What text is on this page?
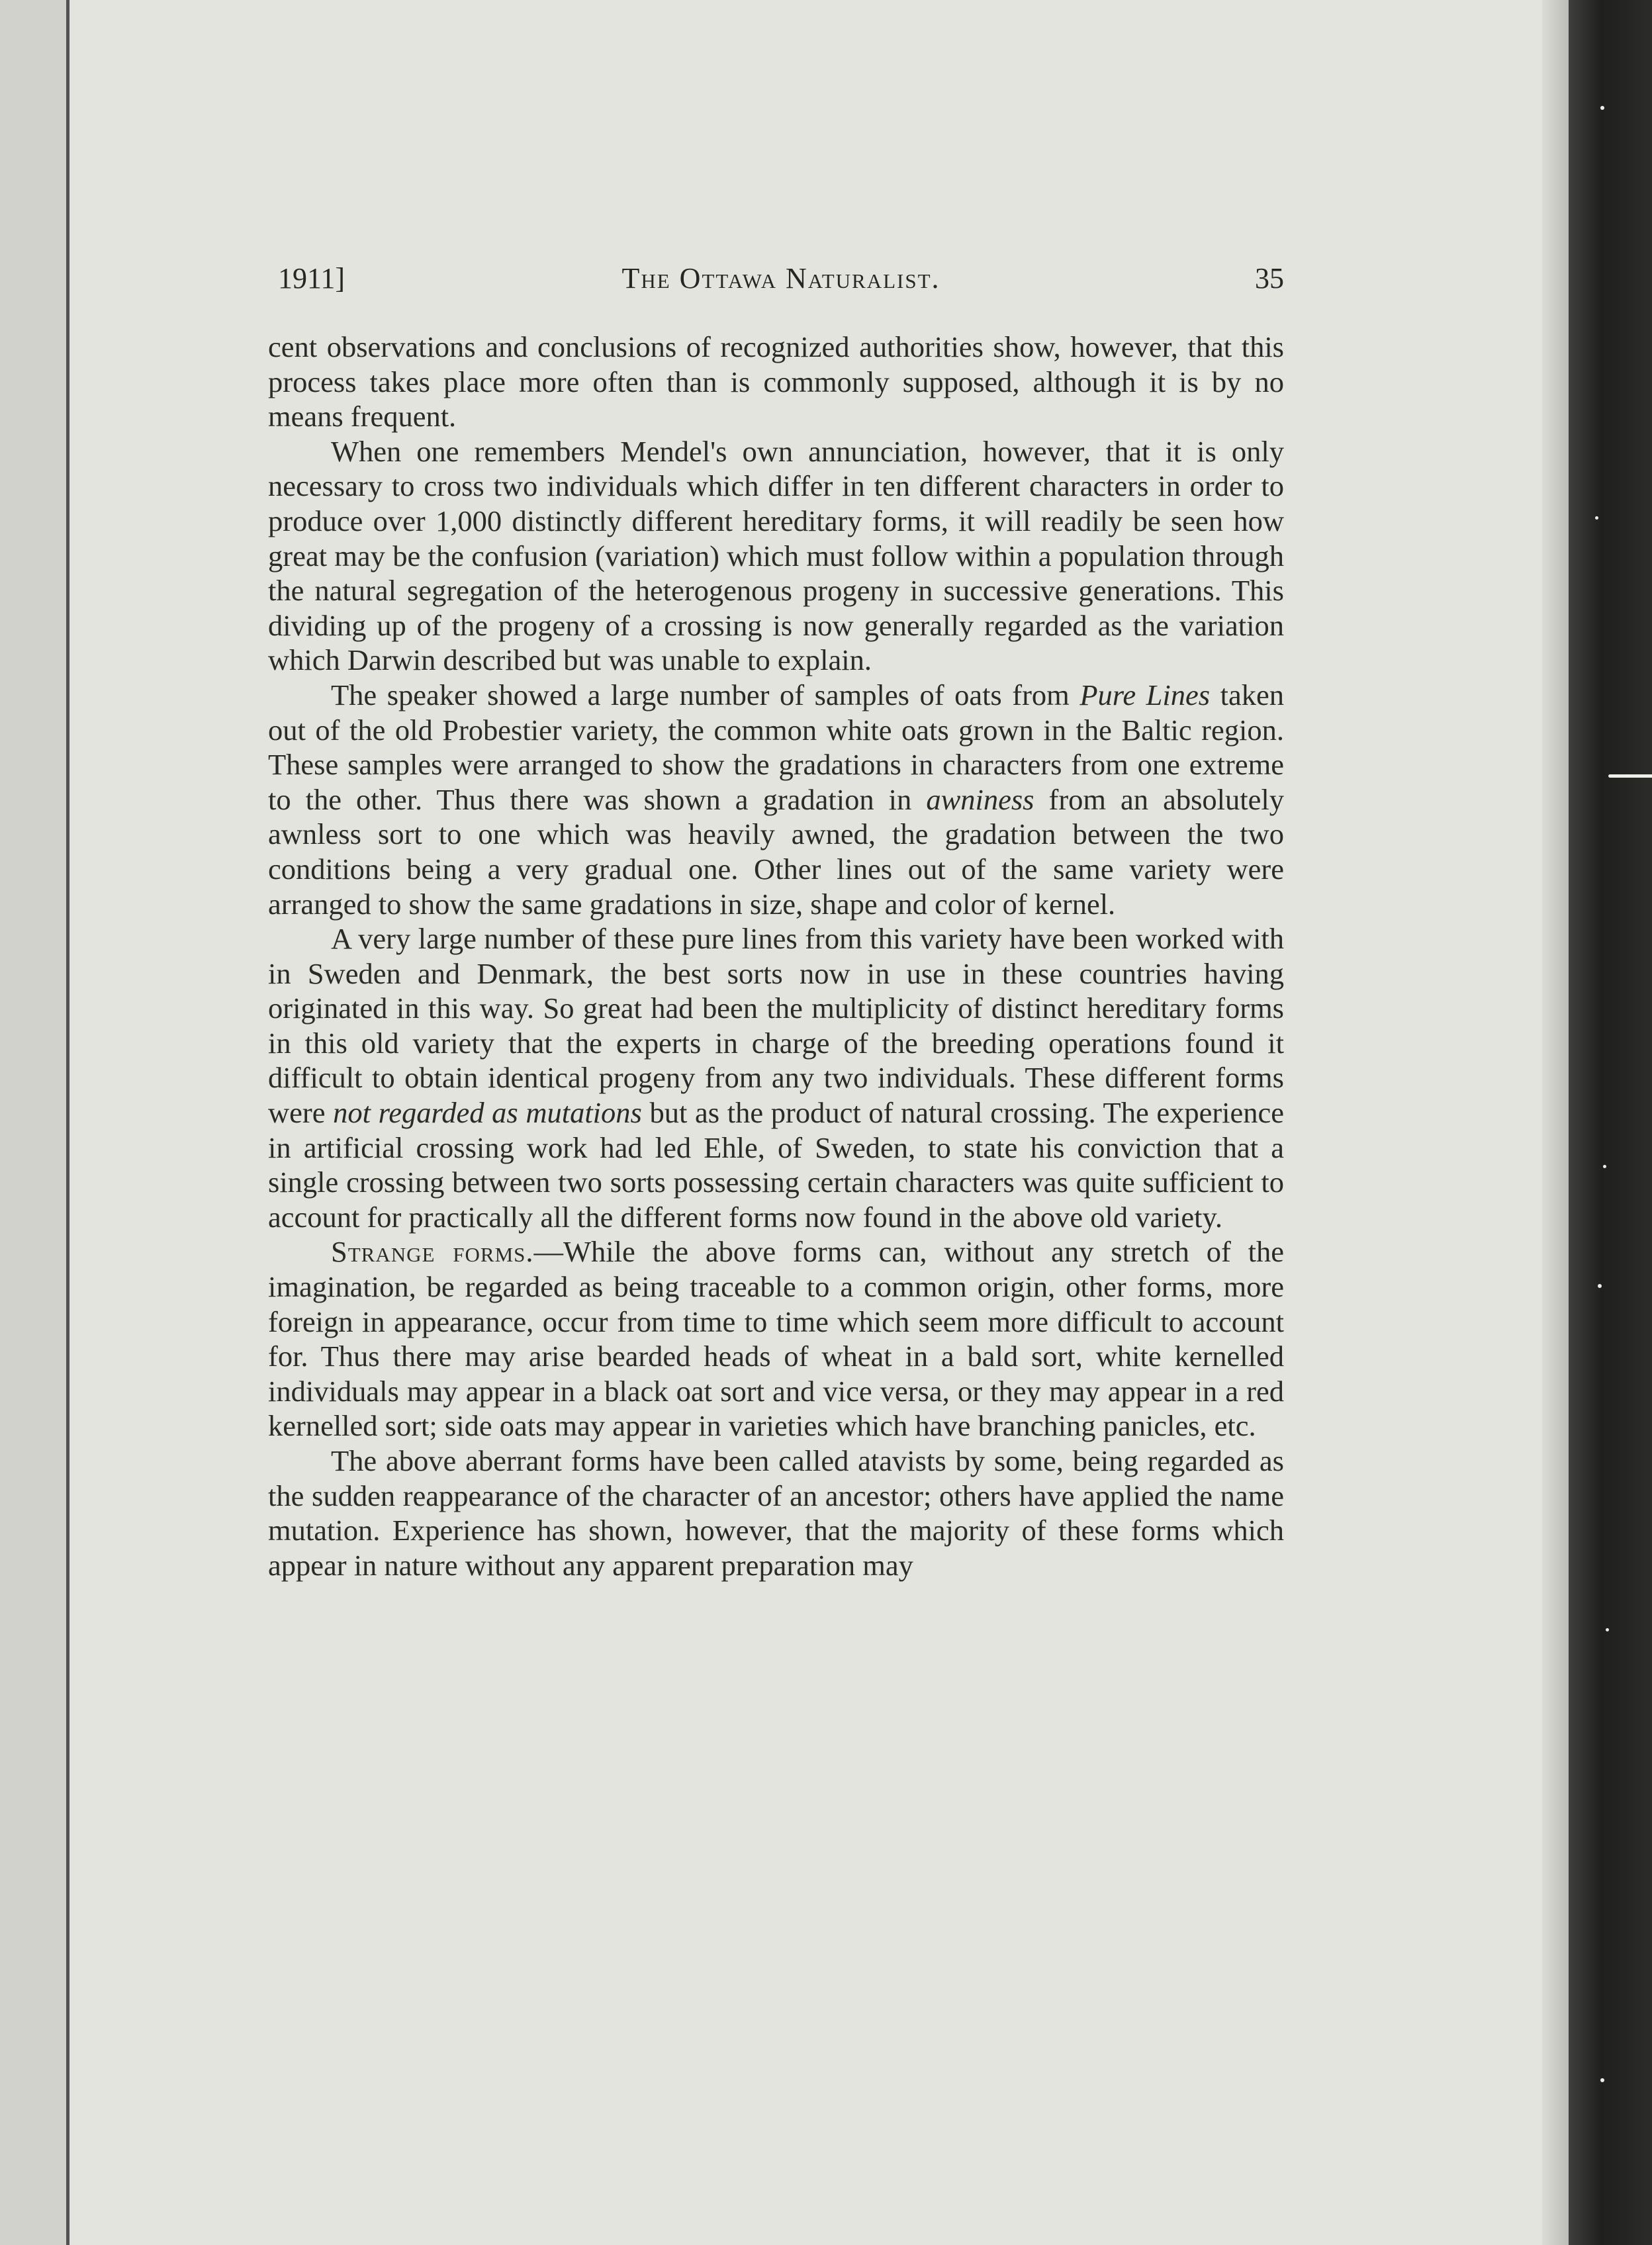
1911]	The Ottawa Naturalist.	35

cent observations and conclusions of recognized authorities show, however, that this process takes place more often than is commonly supposed, although it is by no means frequent.

When one remembers Mendel's own annunciation, however, that it is only necessary to cross two individuals which differ in ten different characters in order to produce over 1,000 distinctly different hereditary forms, it will readily be seen how great may be the confusion (variation) which must follow within a population through the natural segregation of the heterogenous progeny in successive generations. This dividing up of the progeny of a crossing is now generally regarded as the variation which Darwin described but was unable to explain.

The speaker showed a large number of samples of oats from Pure Lines taken out of the old Probestier variety, the common white oats grown in the Baltic region. These samples were arranged to show the gradations in characters from one extreme to the other. Thus there was shown a gradation in awniness from an absolutely awnless sort to one which was heavily awned, the gradation between the two conditions being a very gradual one. Other lines out of the same variety were arranged to show the same gradations in size, shape and color of kernel.

A very large number of these pure lines from this variety have been worked with in Sweden and Denmark, the best sorts now in use in these countries having originated in this way. So great had been the multiplicity of distinct hereditary forms in this old variety that the experts in charge of the breeding operations found it difficult to obtain identical progeny from any two individuals. These different forms were not regarded as mutations but as the product of natural crossing. The experience in artificial crossing work had led Ehle, of Sweden, to state his conviction that a single crossing between two sorts possessing certain characters was quite sufficient to account for practically all the different forms now found in the above old variety.

Strange forms.—While the above forms can, without any stretch of the imagination, be regarded as being traceable to a common origin, other forms, more foreign in appearance, occur from time to time which seem more difficult to account for. Thus there may arise bearded heads of wheat in a bald sort, white kernelled individuals may appear in a black oat sort and vice versa, or they may appear in a red kernelled sort; side oats may appear in varieties which have branching panicles, etc.

The above aberrant forms have been called atavists by some, being regarded as the sudden reappearance of the character of an ancestor; others have applied the name mutation. Experience has shown, however, that the majority of these forms which appear in nature without any apparent preparation may
